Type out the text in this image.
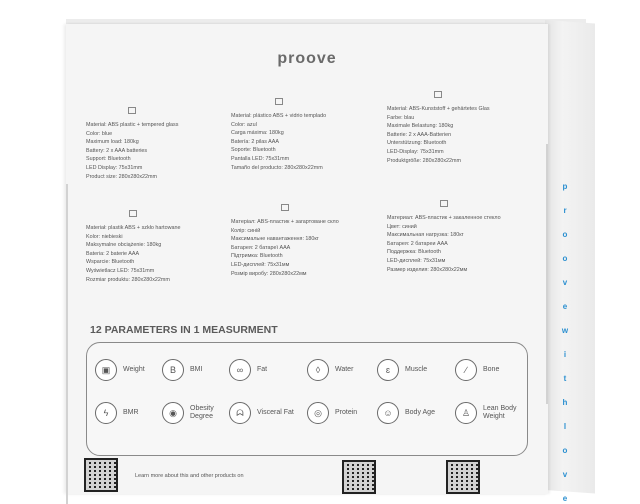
p
r
o
o
v
e
w
i
t
h
l
o
v
e
proove
Material: ABS plastic + tempered glass
Color: blue
Maximum load: 180kg
Battery: 2 x AAA batteries
Support: Bluetooth
LED Display: 75x31mm
Product size: 280x280x22mm
Material: plástico ABS + vidrio templado
Color: azul
Carga máxima: 180kg
Batería: 2 pilas AAA
Soporte: Bluetooth
Pantalla LED: 75x31mm
Tamaño del producto: 280x280x22mm
Material: ABS-Kunststoff + gehärtetes Glas
Farbe: blau
Maximale Belastung: 180kg
Batterie: 2 x AAA-Batterien
Unterstützung: Bluetooth
LED-Display: 75x31mm
Produktgröße: 280x280x22mm
Materiał: plastik ABS + szkło hartowane
Kolor: niebieski
Maksymalne obciążenie: 180kg
Bateria: 2 baterie AAA
Wsparcie: Bluetooth
Wyświetlacz LED: 75x31mm
Rozmiar produktu: 280x280x22mm
Матеріал: ABS-пластик + загартоване скло
Колір: синій
Максимальне навантаження: 180кг
Батарея: 2 батареї AAA
Підтримка: Bluetooth
LED-дисплей: 75x31мм
Розмір виробу: 280x280x22мм
Материал: ABS-пластик + закаленное стекло
Цвет: синий
Максимальная нагрузка: 180кг
Батарея: 2 батареи AAA
Поддержка: Bluetooth
LED-дисплей: 75x31мм
Размер изделия: 280x280x22мм
12 PARAMETERS IN 1 MEASURMENT
▣	Weight	B	BMI	∞	Fat	◊	Water	ɛ	Muscle	∕	Bone
ϟ	BMR	◉	Obesity
Degree	ᗣ	Visceral Fat	◎	Protein	☺	Body Age	♙	Lean Body
Weight
Learn more about this and other products on
